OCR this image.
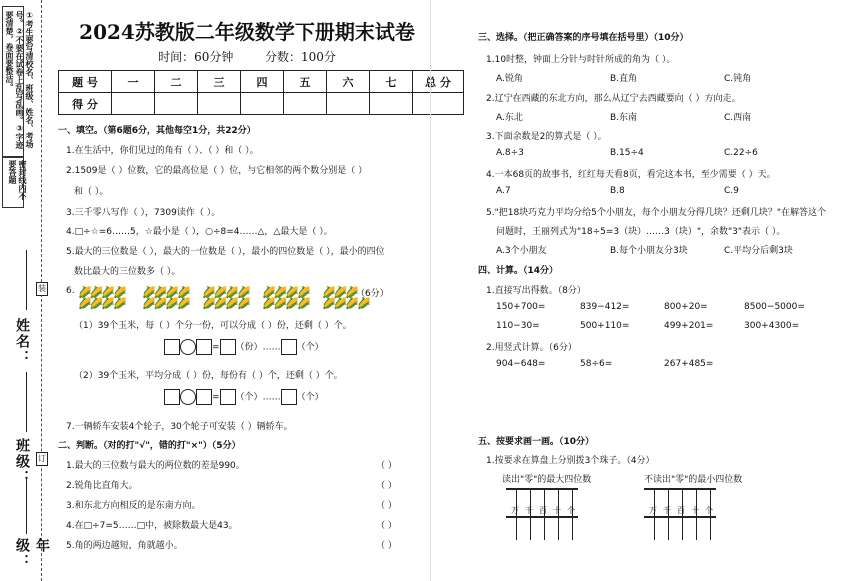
①考生要写清校名、班级、姓名、考场号。②不要在试卷上乱写乱画。③字迹要清楚，卷面要整洁。
密封线内不要答题
装
订
姓名：
班级：
年级：
2024苏教版二年级数学下册期末试卷
时间：60分钟	分数：100分
题 号	一	二	三	四	五	六	七	总 分
得 分								
一、填空。（第6题6分，其他每空1分，共22分）
1.在生活中，你们见过的角有（ ）、（ ）和（ ）。
2.1509是（ ）位数，它的最高位是（ ）位，与它相邻的两个数分别是（ ）
和（ ）。
3.三千零八写作（ ），7309读作（ ）。
4.□÷☆=6……5，☆最小是（ ），○÷8=4……△，△最大是（ ）。
5.最大的三位数是（ ），最大的一位数是（ ），最小的四位数是（ ），最小的四位
数比最大的三位数多（ ）。
6. 🌽🌽🌽🌽
🌽🌽🌽🌽
🌽🌽🌽🌽
🌽🌽🌽🌽
🌽🌽🌽🌽
🌽🌽🌽🌽
🌽🌽🌽🌽
🌽🌽🌽🌽
🌽🌽🌽
🌽🌽🌽🌽
（6分）
（1）39个玉米，每（ ）个分一份，可以分成（ ）份，还剩（ ）个。
= （份）…… （个）
（2）39个玉米，平均分成（ ）份，每份有（ ）个，还剩（ ）个。
= （个）…… （个）
7.一辆轿车安装4个轮子，30个轮子可安装（ ）辆轿车。
二、判断。（对的打"√"，错的打"×"）（5分）
1.最大的三位数与最大的两位数的差是990。	（ ）
2.锐角比直角大。	（ ）
3.和东北方向相反的是东南方向。	（ ）
4.在□÷7=5……□中，被除数最大是43。	（ ）
5.角的两边越短，角就越小。	（ ）
三、选择。（把正确答案的序号填在括号里）（10分）
1.10时整，钟面上分针与时针所成的角为（ ）。
A.锐角	B.直角	C.钝角
2.辽宁在西藏的东北方向，那么从辽宁去西藏要向（ ）方向走。
A.东北	B.东南	C.西南
3.下面余数是2的算式是（ ）。
A.8÷3	B.15÷4	C.22÷6
4.一本68页的故事书，红红每天看8页，看完这本书，至少需要（ ）天。
A.7	B.8	C.9
5."把18块巧克力平均分给5个小朋友，每个小朋友分得几块？还剩几块？"在解答这个
问题时，王丽列式为"18÷5=3（块）……3（块）"，余数"3"表示（ ）。
A.3个小朋友	B.每个小朋友分3块	C.平均分后剩3块
四、计算。（14分）
1.直接写出得数。（8分）
150+700=	839−412=	800+20=	8500−5000=
110−30=	500+110=	499+201=	300+4300=
2.用竖式计算。（6分）
904−648=	58÷6=	267+485=
五、按要求画一画。（10分）
1.按要求在算盘上分别拨3个珠子。（4分）
读出"零"的最大四位数	不读出"零"的最小四位数
万 千 百 十 个	万 千 百 十 个
